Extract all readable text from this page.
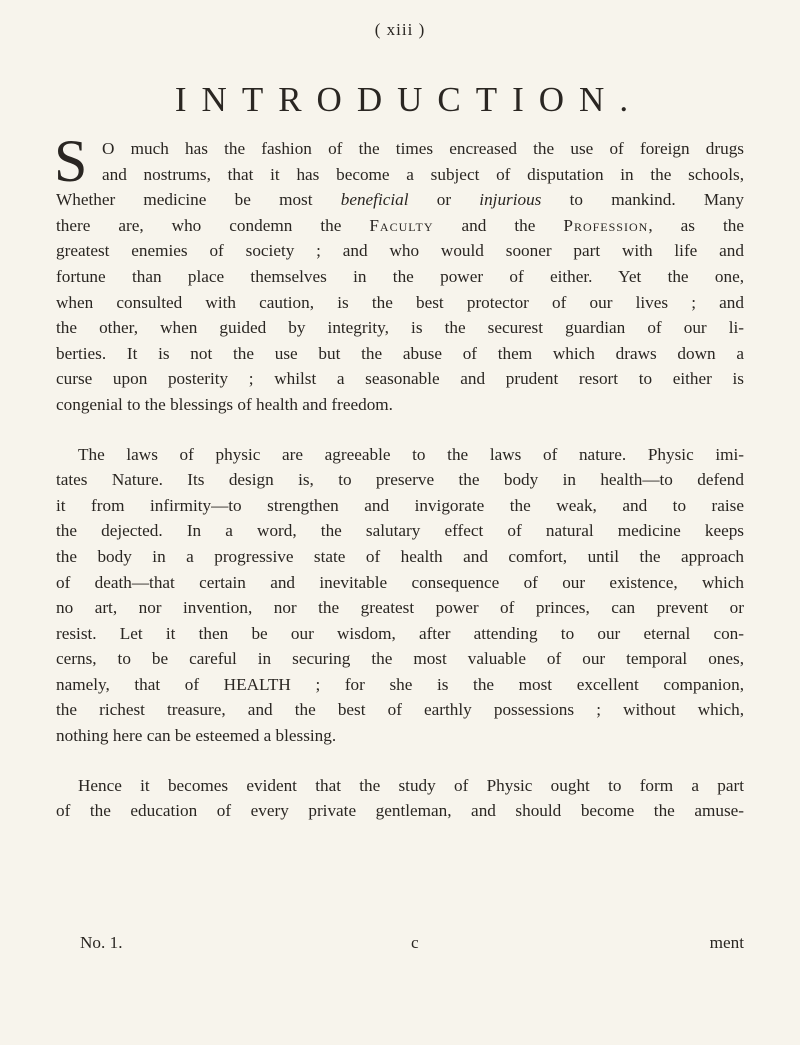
( xiii )
INTRODUCTION.
S O much has the fashion of the times encreased the use of foreign drugs
and nostrums, that it has become a subject of disputation in the schools,
Whether medicine be most beneficial or injurious to mankind. Many
there are, who condemn the Faculty and the Profession, as the
greatest enemies of society ; and who would sooner part with life and
fortune than place themselves in the power of either. Yet the one,
when consulted with caution, is the best protector of our lives ; and
the other, when guided by integrity, is the securest guardian of our li-
berties. It is not the use but the abuse of them which draws down a
curse upon posterity ; whilst a seasonable and prudent resort to either is
congenial to the blessings of health and freedom.
The laws of physic are agreeable to the laws of nature. Physic imi-
tates Nature. Its design is, to preserve the body in health—to defend
it from infirmity—to strengthen and invigorate the weak, and to raise
the dejected. In a word, the salutary effect of natural medicine keeps
the body in a progressive state of health and comfort, until the approach
of death—that certain and inevitable consequence of our existence, which
no art, nor invention, nor the greatest power of princes, can prevent or
resist. Let it then be our wisdom, after attending to our eternal con-
cerns, to be careful in securing the most valuable of our temporal ones,
namely, that of HEALTH ; for she is the most excellent companion,
the richest treasure, and the best of earthly possessions ; without which,
nothing here can be esteemed a blessing.
Hence it becomes evident that the study of Physic ought to form a part
of the education of every private gentleman, and should become the amuse-
No. 1.	c	ment
